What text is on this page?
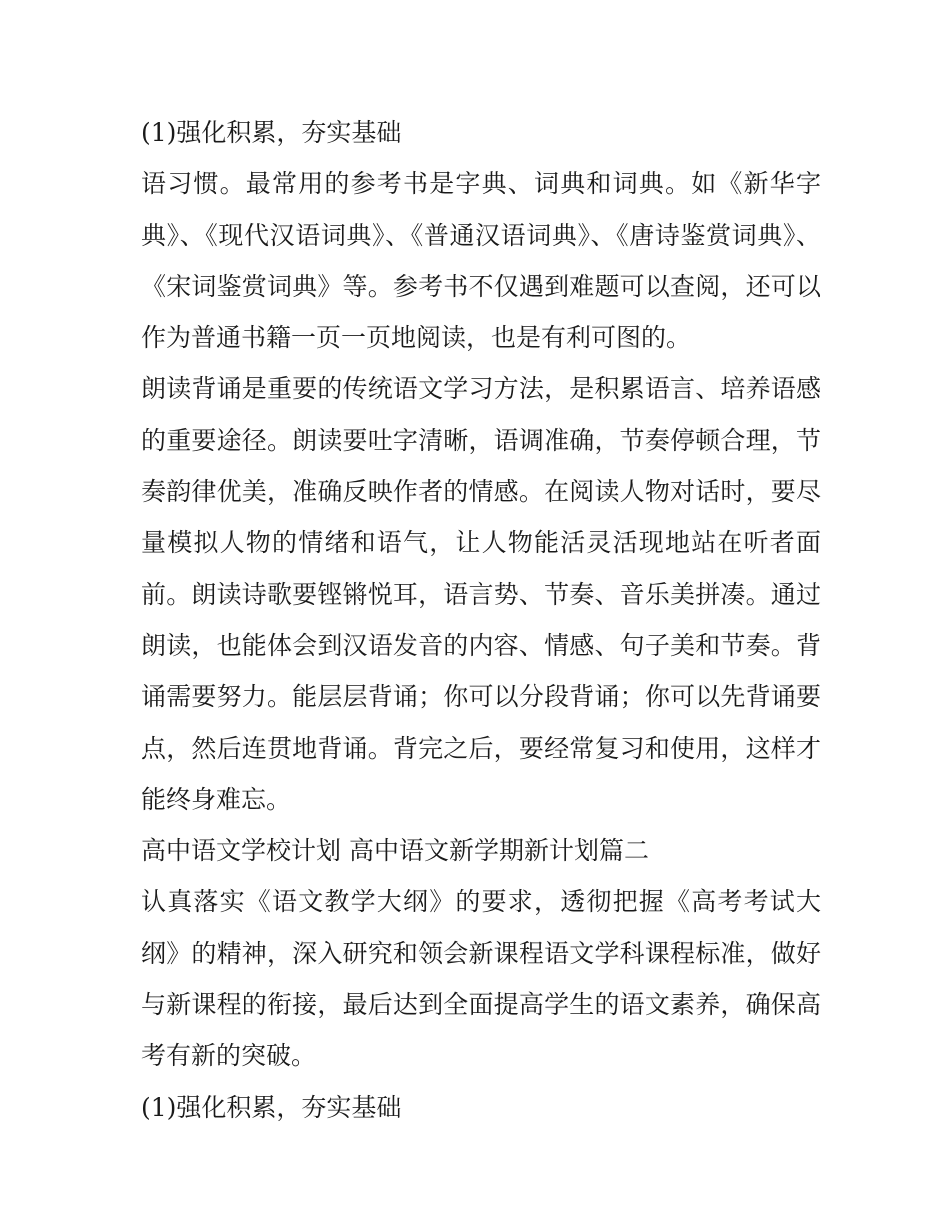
(1)强化积累，夯实基础

语习惯。最常用的参考书是字典、词典和词典。如《新华字典》、《现代汉语词典》、《普通汉语词典》、《唐诗鉴赏词典》、《宋词鉴赏词典》等。参考书不仅遇到难题可以查阅，还可以作为普通书籍一页一页地阅读，也是有利可图的。

朗读背诵是重要的传统语文学习方法，是积累语言、培养语感的重要途径。朗读要吐字清晰，语调准确，节奏停顿合理，节奏韵律优美，准确反映作者的情感。在阅读人物对话时，要尽量模拟人物的情绪和语气，让人物能活灵活现地站在听者面前。朗读诗歌要铿锵悦耳，语言势、节奏、音乐美拼凑。通过朗读，也能体会到汉语发音的内容、情感、句子美和节奏。背诵需要努力。能层层背诵；你可以分段背诵；你可以先背诵要点，然后连贯地背诵。背完之后，要经常复习和使用，这样才能终身难忘。

高中语文学校计划 高中语文新学期新计划篇二

认真落实《语文教学大纲》的要求，透彻把握《高考考试大纲》的精神，深入研究和领会新课程语文学科课程标准，做好与新课程的衔接，最后达到全面提高学生的语文素养，确保高考有新的突破。

(1)强化积累，夯实基础
